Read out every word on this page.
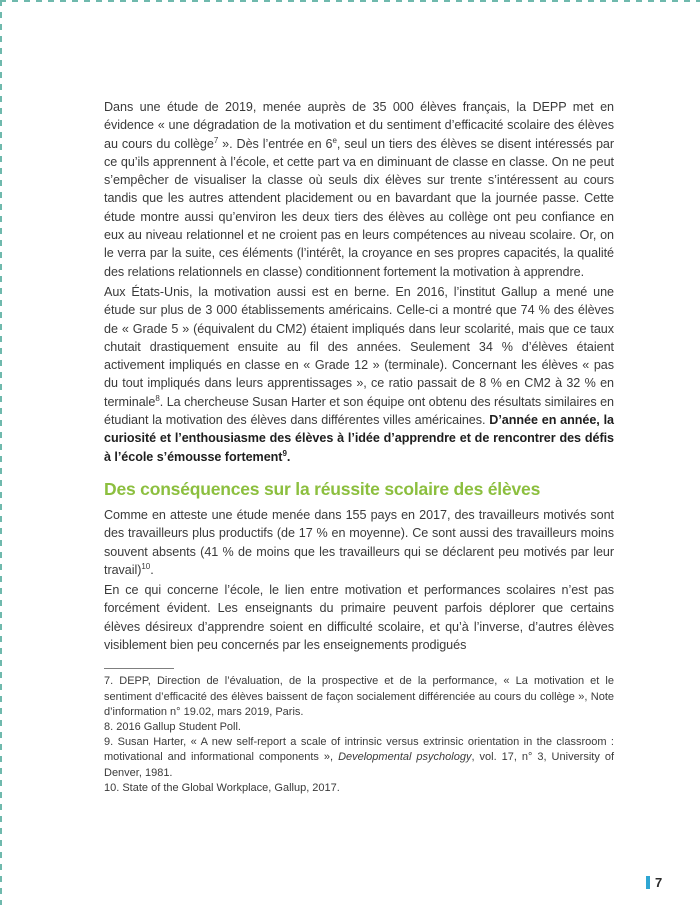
Dans une étude de 2019, menée auprès de 35 000 élèves français, la DEPP met en évidence « une dégradation de la motivation et du sentiment d’efficacité scolaire des élèves au cours du collège$^7$ ». Dès l’entrée en 6e, seul un tiers des élèves se disent intéressés par ce qu’ils apprennent à l’école, et cette part va en diminuant de classe en classe. On ne peut s’empêcher de visualiser la classe où seuls dix élèves sur trente s’intéressent au cours tandis que les autres attendent placidement ou en bavardant que la journée passe. Cette étude montre aussi qu’environ les deux tiers des élèves au collège ont peu confiance en eux au niveau relationnel et ne croient pas en leurs compétences au niveau scolaire. Or, on le verra par la suite, ces éléments (l’intérêt, la croyance en ses propres capacités, la qualité des relations relationnels en classe) conditionnent fortement la motivation à apprendre.

Aux États-Unis, la motivation aussi est en berne. En 2016, l’institut Gallup a mené une étude sur plus de 3 000 établissements américains. Celle-ci a montré que 74 % des élèves de « Grade 5 » (équivalent du CM2) étaient impliqués dans leur scolarité, mais que ce taux chutait drastiquement ensuite au fil des années. Seulement 34 % d’élèves étaient activement impliqués en classe en « Grade 12 » (terminale). Concernant les élèves « pas du tout impliqués dans leurs apprentissages », ce ratio passait de 8 % en CM2 à 32 % en terminale$^8$. La chercheuse Susan Harter et son équipe ont obtenu des résultats similaires en étudiant la motivation des élèves dans différentes villes américaines. D’année en année, la curiosité et l’enthousiasme des élèves à l’idée d’apprendre et de rencontrer des défis à l’école s’émousse fortement$^9$.

Des conséquences sur la réussite scolaire des élèves

Comme en atteste une étude menée dans 155 pays en 2017, des travailleurs motivés sont des travailleurs plus productifs (de 17 % en moyenne). Ce sont aussi des travailleurs moins souvent absents (41 % de moins que les travailleurs qui se déclarent peu motivés par leur travail)$^{10}$.

En ce qui concerne l’école, le lien entre motivation et performances scolaires n’est pas forcément évident. Les enseignants du primaire peuvent parfois déplorer que certains élèves désireux d’apprendre soient en difficulté scolaire, et qu’à l’inverse, d’autres élèves visiblement bien peu concernés par les enseignements prodigués

7. DEPP, Direction de l’évaluation, de la prospective et de la performance, « La motivation et le sentiment d’efficacité des élèves baissent de façon socialement différenciée au cours du collège », Note d’information n° 19.02, mars 2019, Paris.

8. 2016 Gallup Student Poll.

9. Susan Harter, « A new self-report a scale of intrinsic versus extrinsic orientation in the classroom : motivational and informational components », Developmental psychology, vol. 17, n° 3, University of Denver, 1981.

10. State of the Global Workplace, Gallup, 2017.

7
